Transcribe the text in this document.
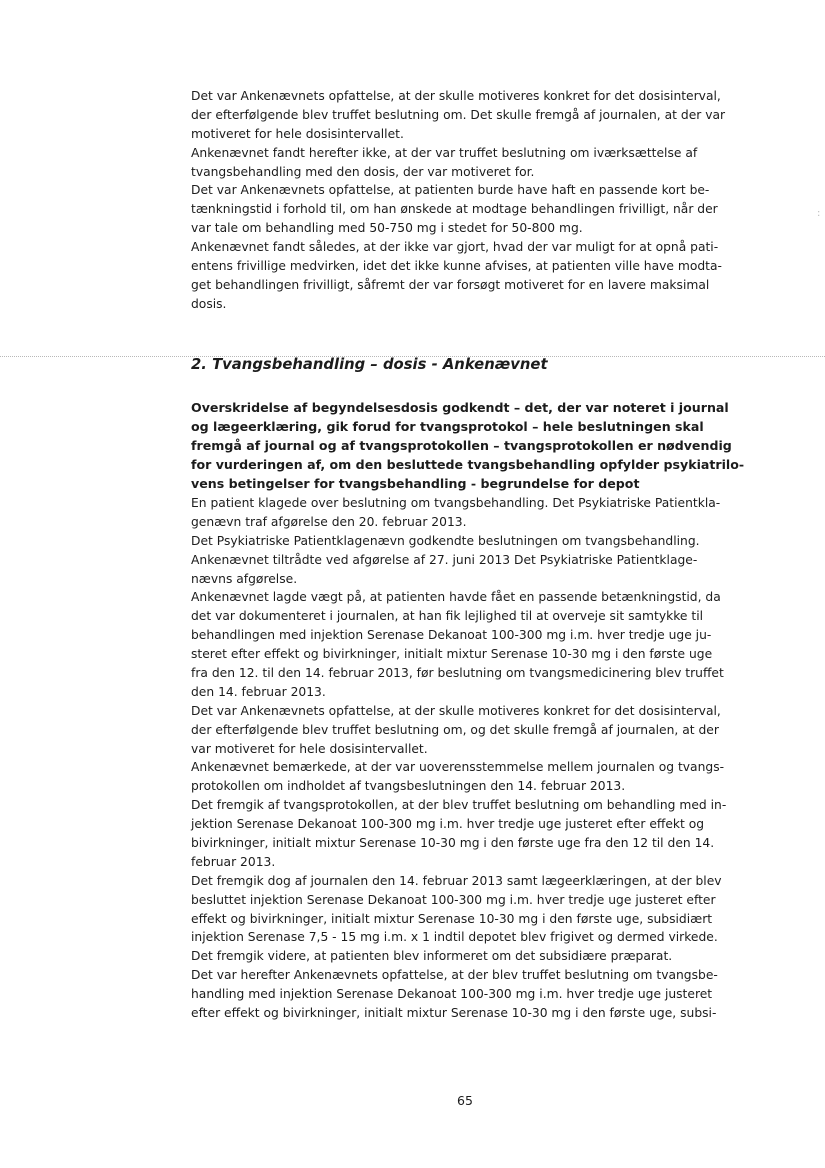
Det var Ankenævnets opfattelse, at der skulle motiveres konkret for det dosisinterval,
der efterfølgende blev truffet beslutning om. Det skulle fremgå af journalen, at der var
motiveret for hele dosisintervallet.
Ankenævnet fandt herefter ikke, at der var truffet beslutning om iværksættelse af
tvangsbehandling med den dosis, der var motiveret for.
Det var Ankenævnets opfattelse, at patienten burde have haft en passende kort be-
tænkningstid i forhold til, om han ønskede at modtage behandlingen frivilligt, når der
var tale om behandling med 50-750 mg i stedet for 50-800 mg.
Ankenævnet fandt således, at der ikke var gjort, hvad der var muligt for at opnå pati-
entens frivillige medvirken, idet det ikke kunne afvises, at patienten ville have modta-
get behandlingen frivilligt, såfremt der var forsøgt motiveret for en lavere maksimal
dosis.
2. Tvangsbehandling – dosis - Ankenævnet
Overskridelse af begyndelsesdosis godkendt – det, der var noteret i journal
og lægeerklæring, gik forud for tvangsprotokol – hele beslutningen skal
fremgå af journal og af tvangsprotokollen – tvangsprotokollen er nødvendig
for vurderingen af, om den besluttede tvangsbehandling opfylder psykiatrilo-
vens betingelser for tvangsbehandling - begrundelse for depot
En patient klagede over beslutning om tvangsbehandling. Det Psykiatriske Patientkla-
genævn traf afgørelse den 20. februar 2013.
Det Psykiatriske Patientklagenævn godkendte beslutningen om tvangsbehandling.
Ankenævnet tiltrådte ved afgørelse af 27. juni 2013 Det Psykiatriske Patientklage-
nævns afgørelse.
Ankenævnet lagde vægt på, at patienten havde fået en passende betænkningstid, da
det var dokumenteret i journalen, at han fik lejlighed til at overveje sit samtykke til
behandlingen med injektion Serenase Dekanoat 100-300 mg i.m. hver tredje uge ju-
steret efter effekt og bivirkninger, initialt mixtur Serenase 10-30 mg i den første uge
fra den 12. til den 14. februar 2013, før beslutning om tvangsmedicinering blev truffet
den 14. februar 2013.
Det var Ankenævnets opfattelse, at der skulle motiveres konkret for det dosisinterval,
der efterfølgende blev truffet beslutning om, og det skulle fremgå af journalen, at der
var motiveret for hele dosisintervallet.
Ankenævnet bemærkede, at der var uoverensstemmelse mellem journalen og tvangs-
protokollen om indholdet af tvangsbeslutningen den 14. februar 2013.
Det fremgik af tvangsprotokollen, at der blev truffet beslutning om behandling med in-
jektion Serenase Dekanoat 100-300 mg i.m. hver tredje uge justeret efter effekt og
bivirkninger, initialt mixtur Serenase 10-30 mg i den første uge fra den 12 til den 14.
februar 2013.
Det fremgik dog af journalen den 14. februar 2013 samt lægeerklæringen, at der blev
besluttet injektion Serenase Dekanoat 100-300 mg i.m. hver tredje uge justeret efter
effekt og bivirkninger, initialt mixtur Serenase 10-30 mg i den første uge, subsidiært
injektion Serenase 7,5 - 15 mg i.m. x 1 indtil depotet blev frigivet og dermed virkede.
Det fremgik videre, at patienten blev informeret om det subsidiære præparat.
Det var herefter Ankenævnets opfattelse, at der blev truffet beslutning om tvangsbe-
handling med injektion Serenase Dekanoat 100-300 mg i.m. hver tredje uge justeret
efter effekt og bivirkninger, initialt mixtur Serenase 10-30 mg i den første uge, subsi-
:
65
